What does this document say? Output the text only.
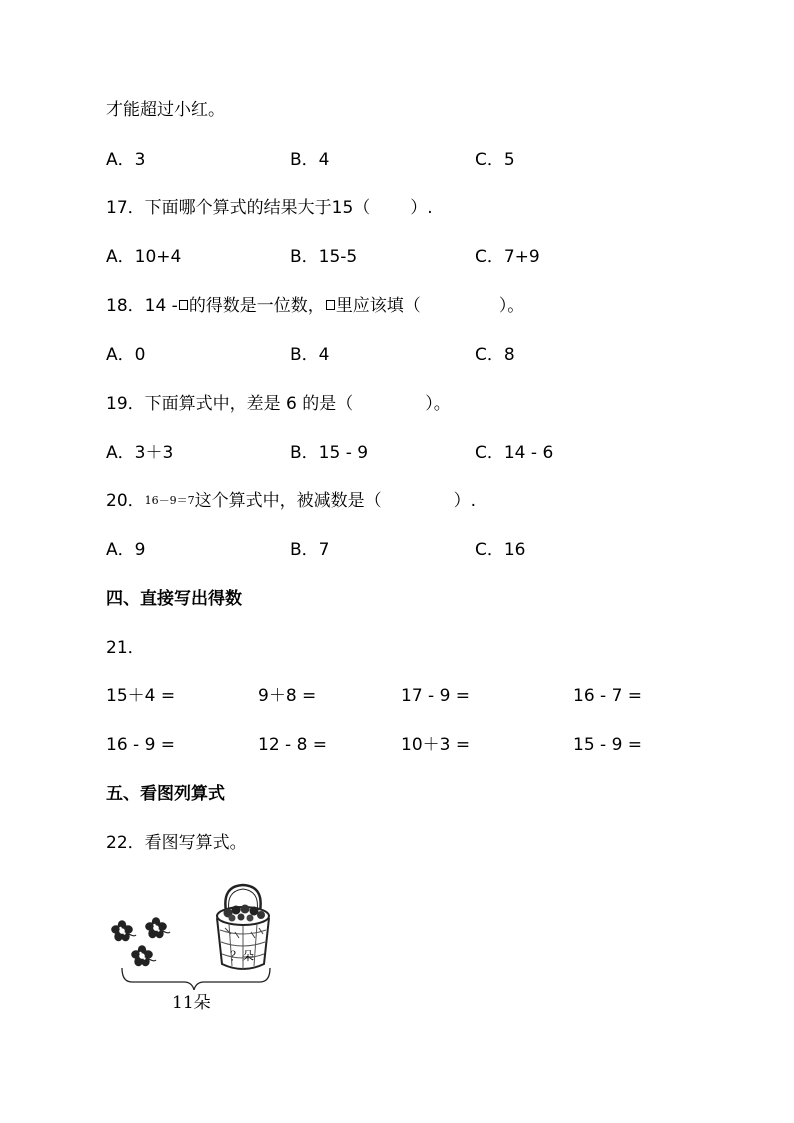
才能超过小红。
A．3	B．4	C．5
17．下面哪个算式的结果大于15（ ）.
A．10+4	B．15-5	C．7+9
18．14 - 的得数是一位数， 里应该填（	）。
A．0	B．4	C．8
19．下面算式中，差是 6 的是（	）。
A．3＋3	B．15 - 9	C．14 - 6
20．16－9＝7这个算式中，被减数是（	）.
A．9	B．7	C．16
四、直接写出得数
21．
15＋4 =	9＋8 =	17 - 9 =	16 - 7 =
16 - 9 =	12 - 8 =	10＋3 =	15 - 9 =
五、看图列算式
22．看图写算式。
？朵
11朵
